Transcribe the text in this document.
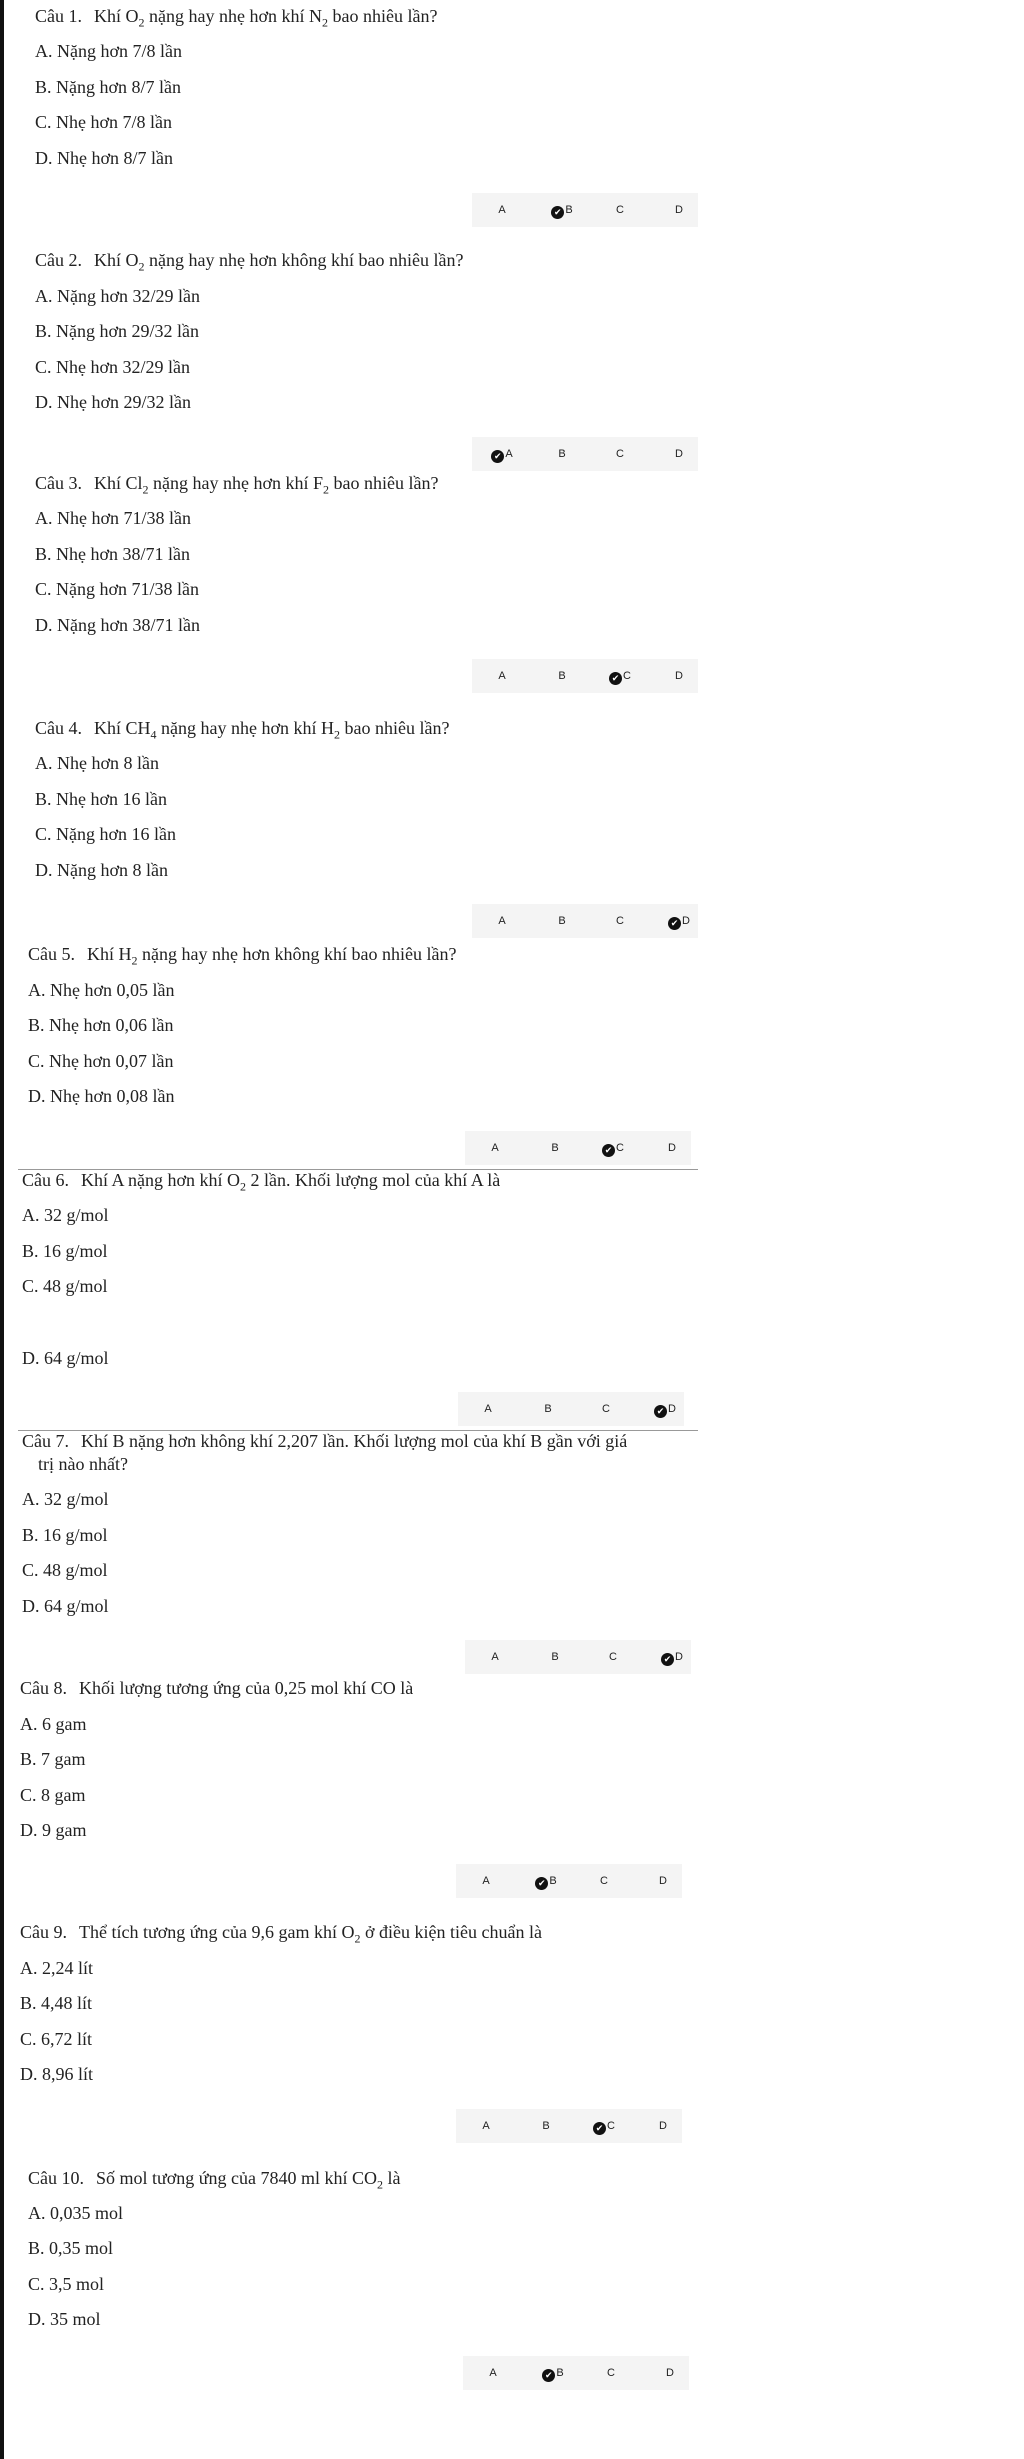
Câu 1. Khí $O_2$ nặng hay nhẹ hơn khí $N_2$ bao nhiêu lần?
A. Nặng hơn 7/8 lần
B. Nặng hơn 8/7 lần
C. Nhẹ hơn 7/8 lần
D. Nhẹ hơn 8/7 lần
A	✔ B	C	D
Câu 2. Khí $O_2$ nặng hay nhẹ hơn không khí bao nhiêu lần?
A. Nặng hơn 32/29 lần
B. Nặng hơn 29/32 lần
C. Nhẹ hơn 32/29 lần
D. Nhẹ hơn 29/32 lần
✔ A	B	C	D
Câu 3. Khí $Cl_2$ nặng hay nhẹ hơn khí $F_2$ bao nhiêu lần?
A. Nhẹ hơn 71/38 lần
B. Nhẹ hơn 38/71 lần
C. Nặng hơn 71/38 lần
D. Nặng hơn 38/71 lần
A	B	✔ C	D
Câu 4. Khí $CH_4$ nặng hay nhẹ hơn khí $H_2$ bao nhiêu lần?
A. Nhẹ hơn 8 lần
B. Nhẹ hơn 16 lần
C. Nặng hơn 16 lần
D. Nặng hơn 8 lần
A	B	C	✔ D
Câu 5. Khí $H_2$ nặng hay nhẹ hơn không khí bao nhiêu lần?
A. Nhẹ hơn 0,05 lần
B. Nhẹ hơn 0,06 lần
C. Nhẹ hơn 0,07 lần
D. Nhẹ hơn 0,08 lần
A	B	✔ C	D
Câu 6. Khí A nặng hơn khí $O_2$ 2 lần. Khối lượng mol của khí A là
A. 32 g/mol
B. 16 g/mol
C. 48 g/mol
D. 64 g/mol
A	B	C	✔ D
Câu 7. Khí B nặng hơn không khí 2,207 lần. Khối lượng mol của khí B gần với giá
trị nào nhất?
A. 32 g/mol
B. 16 g/mol
C. 48 g/mol
D. 64 g/mol
A	B	C	✔ D
Câu 8. Khối lượng tương ứng của 0,25 mol khí CO là
A. 6 gam
B. 7 gam
C. 8 gam
D. 9 gam
A	✔ B	C	D
Câu 9. Thể tích tương ứng của 9,6 gam khí $O_2$ ở điều kiện tiêu chuẩn là
A. 2,24 lít
B. 4,48 lít
C. 6,72 lít
D. 8,96 lít
A	B	✔ C	D
Câu 10. Số mol tương ứng của 7840 ml khí $CO_2$ là
A. 0,035 mol
B. 0,35 mol
C. 3,5 mol
D. 35 mol
A	✔ B	C	D
